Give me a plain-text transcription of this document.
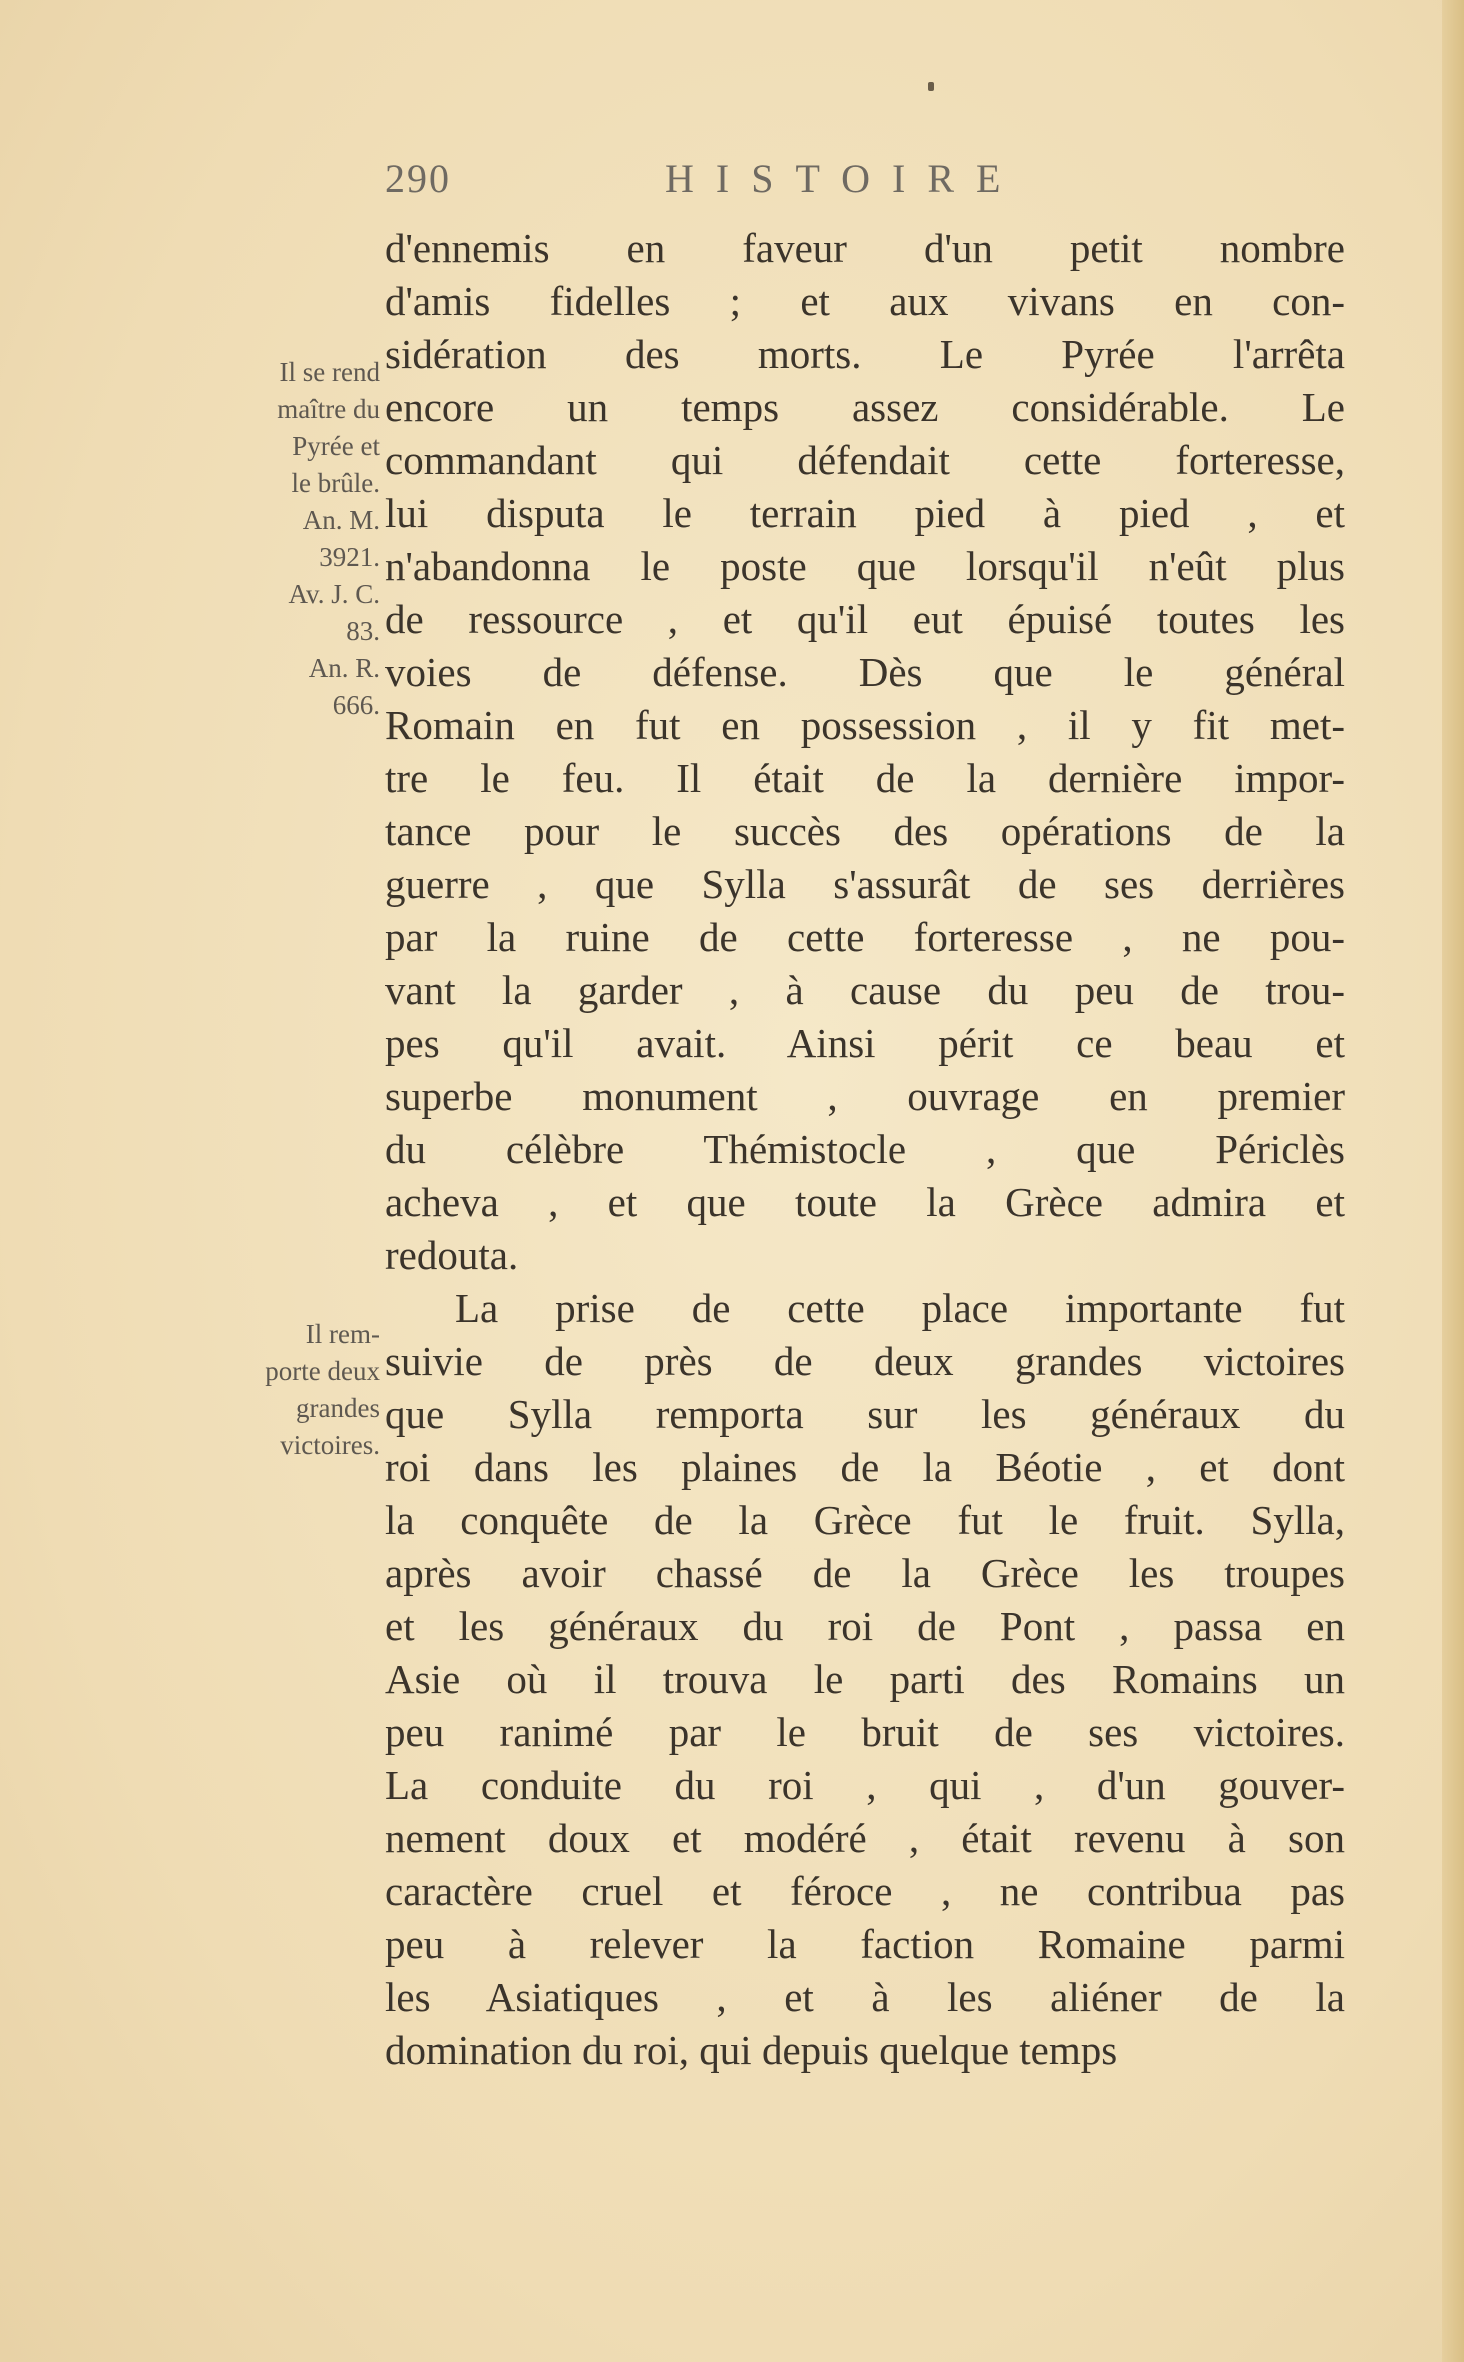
290	HISTOIRE
Il se rend
maître du
Pyrée et
le brûle.
An. M.
3921.
Av. J. C.
83.
An. R.
666.
Il rem-
porte deux
grandes
victoires.
d'ennemis en faveur d'un petit nombre
d'amis fidelles ; et aux vivans en con-
sidération des morts. Le Pyrée l'arrêta
encore un temps assez considérable. Le
commandant qui défendait cette forteresse,
lui disputa le terrain pied à pied , et
n'abandonna le poste que lorsqu'il n'eût plus
de ressource , et qu'il eut épuisé toutes les
voies de défense. Dès que le général
Romain en fut en possession , il y fit met-
tre le feu. Il était de la dernière impor-
tance pour le succès des opérations de la
guerre , que Sylla s'assurât de ses derrières
par la ruine de cette forteresse , ne pou-
vant la garder , à cause du peu de trou-
pes qu'il avait. Ainsi périt ce beau et
superbe monument , ouvrage en premier
du célèbre Thémistocle , que Périclès
acheva , et que toute la Grèce admira et
redouta.
La prise de cette place importante fut
suivie de près de deux grandes victoires
que Sylla remporta sur les généraux du
roi dans les plaines de la Béotie , et dont
la conquête de la Grèce fut le fruit. Sylla,
après avoir chassé de la Grèce les troupes
et les généraux du roi de Pont , passa en
Asie où il trouva le parti des Romains un
peu ranimé par le bruit de ses victoires.
La conduite du roi , qui , d'un gouver-
nement doux et modéré , était revenu à son
caractère cruel et féroce , ne contribua pas
peu à relever la faction Romaine parmi
les Asiatiques , et à les aliéner de la
domination du roi, qui depuis quelque temps
